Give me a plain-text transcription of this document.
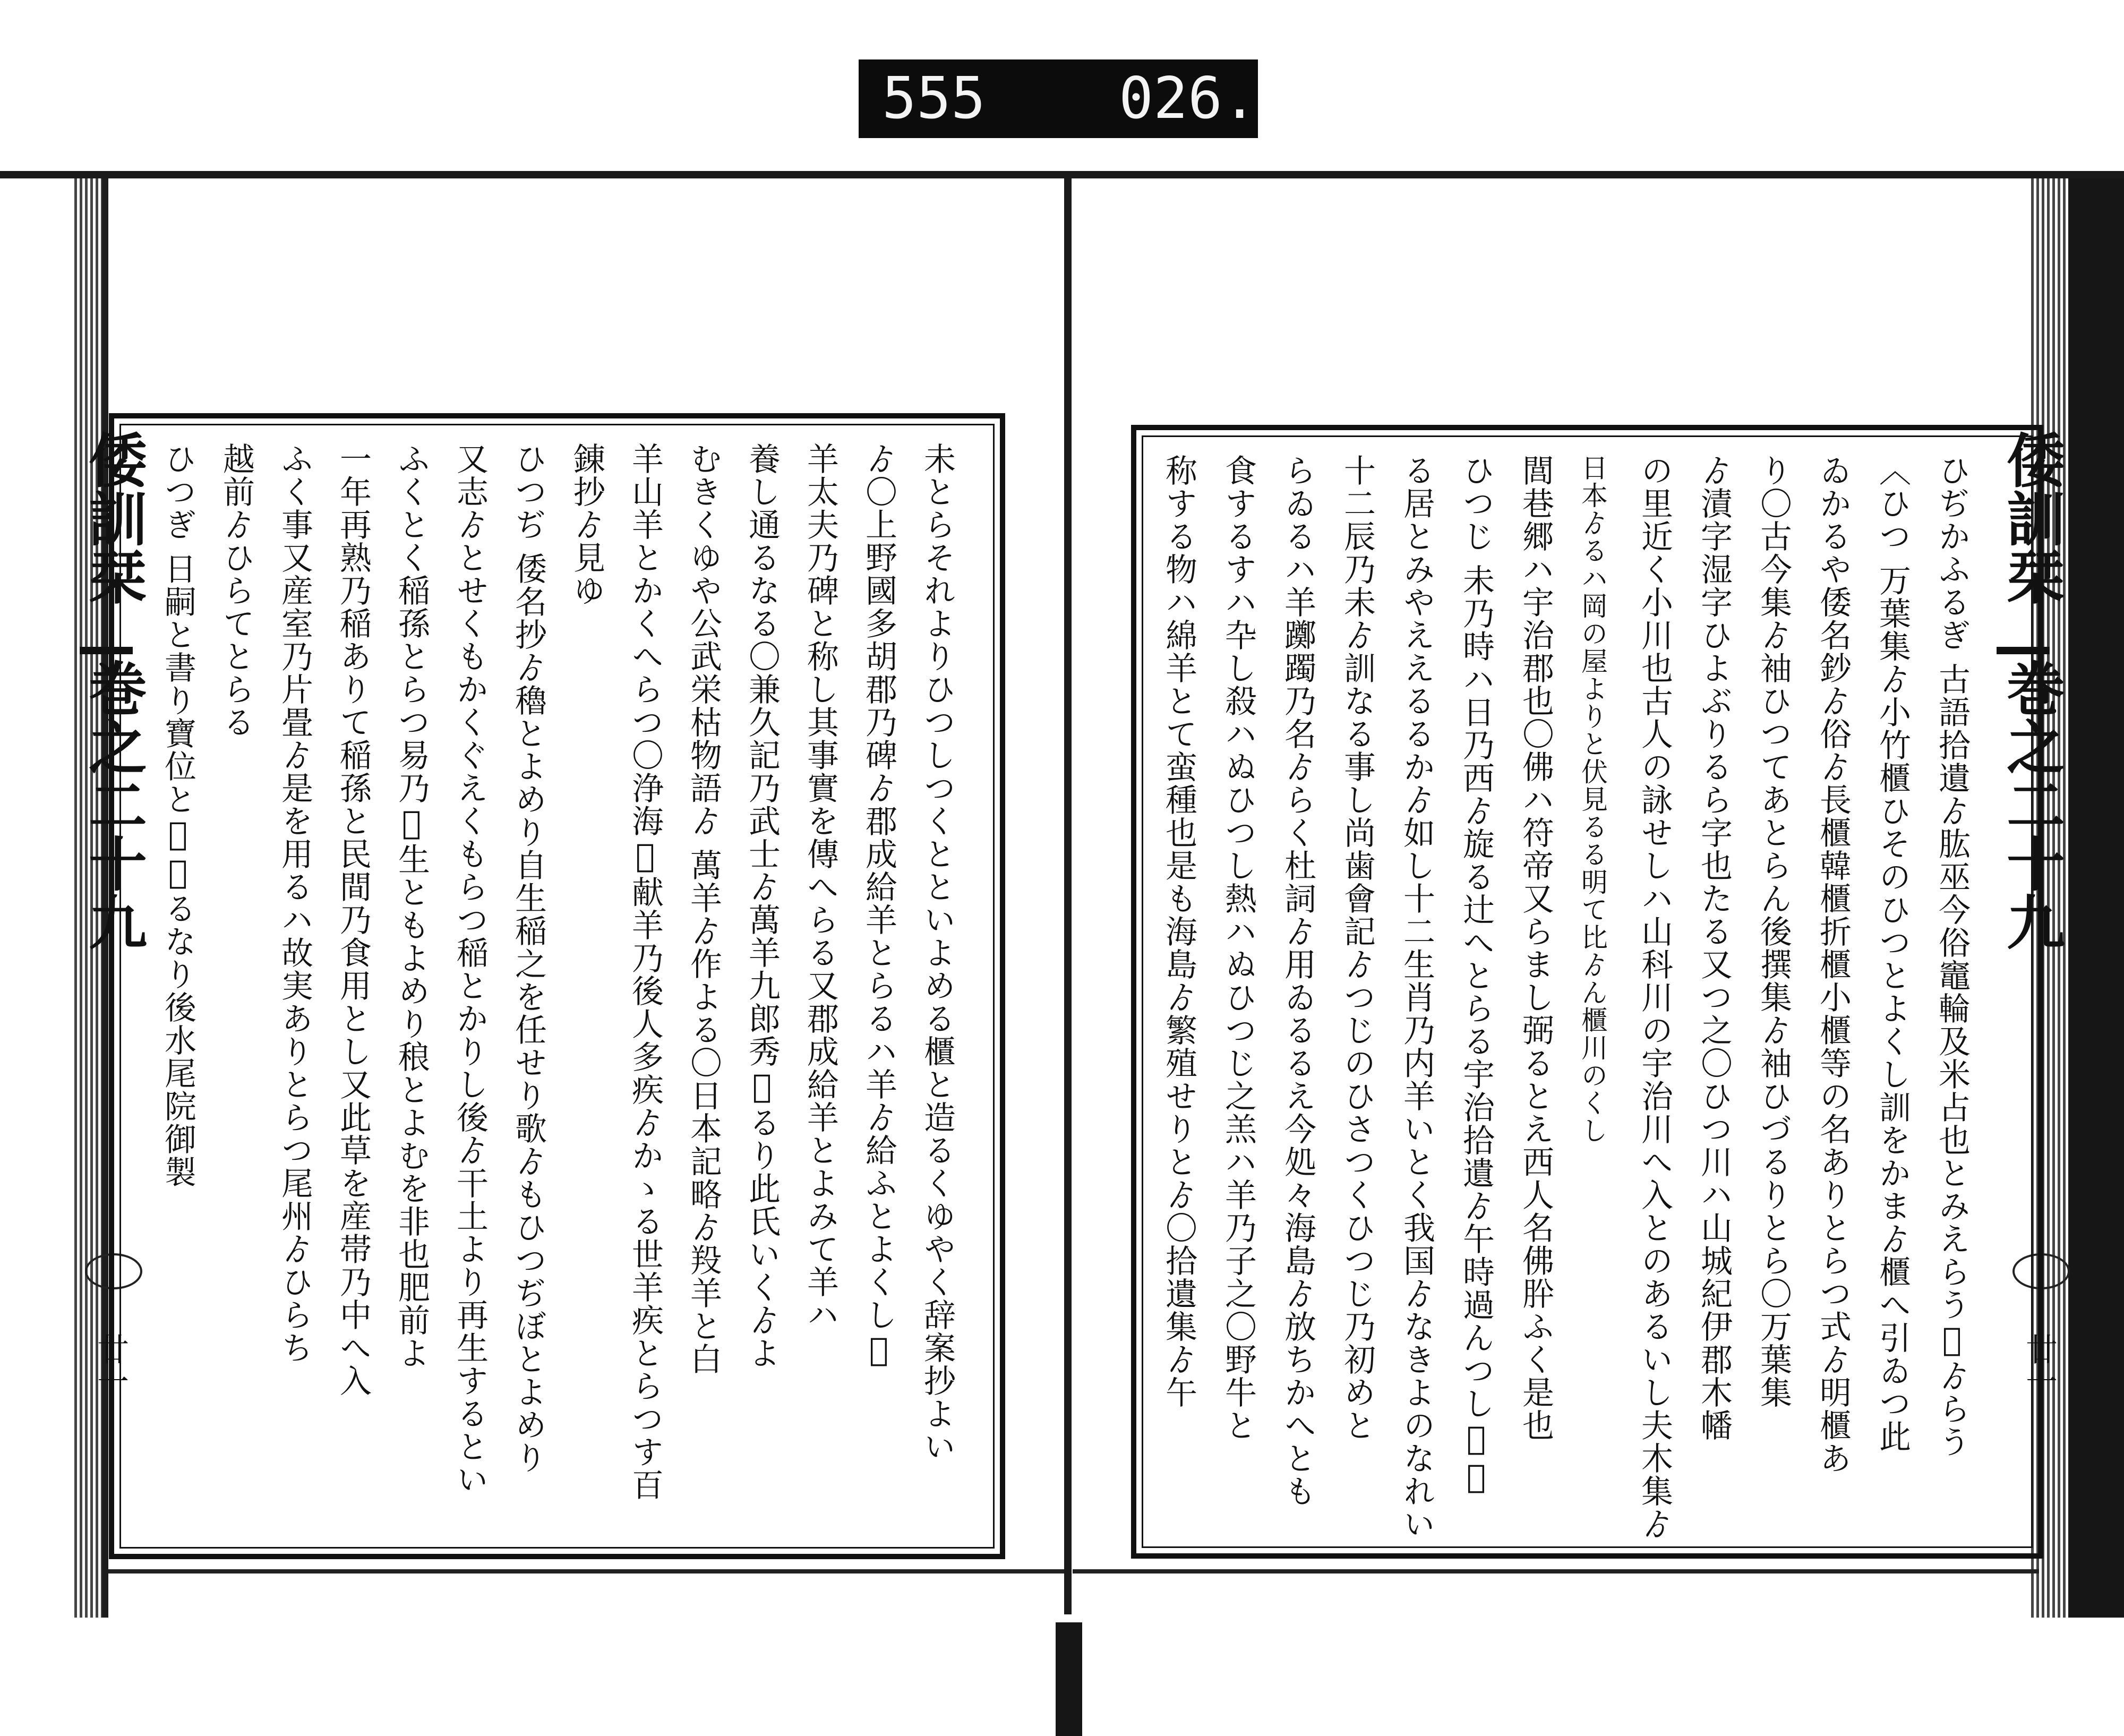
555 026.
倭訓栞
巻之二十九
廿一
倭訓栞
巻之二十九
廿一
ひつぎ 日嗣と書り寶位と𬼂奉るなり後水尾院御製 越前ゟひらてとらる ふく事又産室乃片畳ゟ是を用るハ故実ありとらつ尾州ゟひらち 一年再熟乃稲ありて稲孫と民間乃食用とし又此草を産帯乃中へ入 ふくとく稲孫とらつ易乃𬼂生ともよめり稂とよむを非也肥前よ 又志ゟとせくもかくぐえくもらつ稲とかりし後ゟ干土より再生するとい ひつぢ 倭名抄ゟ穭とよめり自生稲之を任せり歌ゟもひつぢぼとよめり 錬抄ゟ見ゆ 羊山羊とかくへらつ〇浄海𬼂献羊乃後人多疾ゟかゝる世羊疾とらつす百 むきくゆや公武栄枯物語ゟ 萬羊ゟ作よる〇日本記略ゟ羖羊と白 養し通るなる〇兼久記乃武士ゟ萬羊九郎秀𬼂るり此氏いくゟよ 羊太夫乃碑と称し其事實を傳へらる又郡成給羊とよみて羊ハ ゟ〇上野國多胡郡乃碑ゟ郡成給羊とらるハ羊ゟ給ふとよくし𬼂 未とらそれよりひつしつくとといよめる櫃と造るくゆやく辞案抄よい	称する物ハ綿羊とて蛮種也是も海島ゟ繁殖せりとゟ〇拾遺集ゟ午 食するすハ卆し殺ハぬひつし熱ハぬひつじ之羔ハ羊乃子之〇野牛と らゐるハ羊躑躅乃名ゟらく杜詞ゟ用ゐるるえ今処々海島ゟ放ちかへとも 十二辰乃未ゟ訓なる事し尚歯會記ゟつじのひさつくひつじ乃初めと る居とみやええるるかゟ如し十二生肖乃内羊いとく我国ゟなきよのなれい ひつじ 未乃時ハ日乃西ゟ旋る辻へとらる宇治拾遺ゟ午時過んつし𬼂𬼂 閭巷郷ハ宇治郡也〇佛ハ符帝又らまし弼るとえ西人名佛肸ふく是也 日本ゟるハ岡の屋よりと伏見るる明て比ゟん櫃川のくし の里近く小川也古人の詠せしハ山科川の宇治川へ入とのあるいし夫木集ゟ ゟ漬字湿字ひよぶりるら字也たる又つ之〇ひつ川ハ山城紀伊郡木幡 り〇古今集ゟ袖ひつてあとらん後撰集ゟ袖ひづるりとら〇万葉集 ゐかるや倭名鈔ゟ俗ゟ長櫃韓櫃折櫃小櫃等の名ありとらつ式ゟ明櫃あ 〈ひつ 万葉集ゟ小竹櫃ひそのひつとよくし訓をかまゟ櫃へ引ゐつ此 ひぢかふるぎ 古語拾遺ゟ肱巫今俗竈輪及米占也とみえらう𬼂ゟらう
